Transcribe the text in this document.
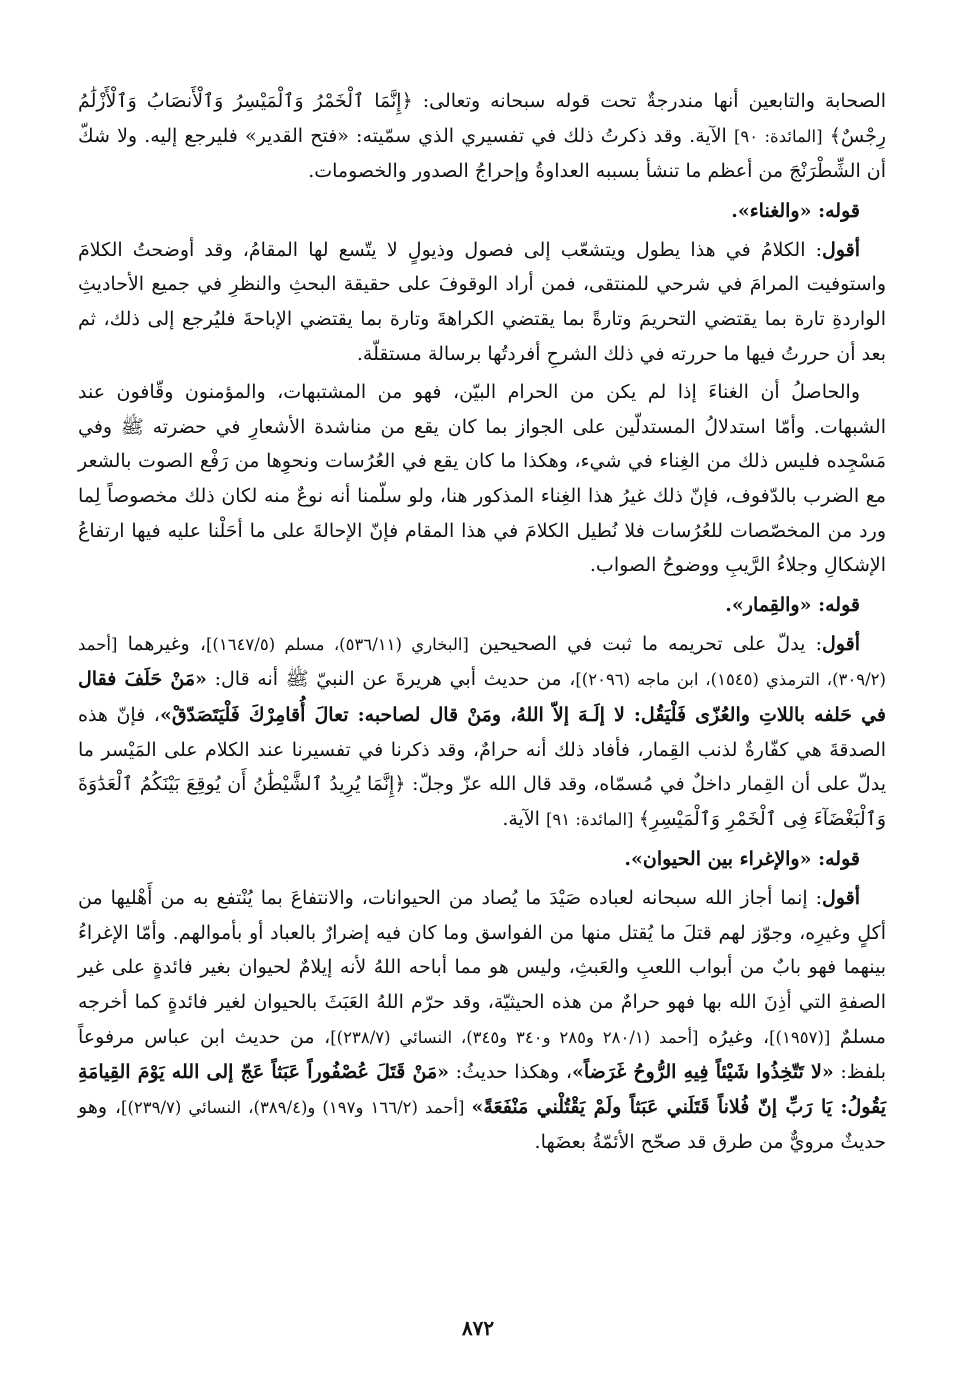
الصحابة والتابعين أنها مندرجةٌ تحت قوله سبحانه وتعالى: ﴿إِنَّمَا ٱلْخَمْرُ وَٱلْمَيْسِرُ وَٱلْأَنصَابُ وَٱلْأَزْلَٰمُ رِجْسٌ﴾ [المائدة: ٩٠] الآية. وقد ذكرتُ ذلك في تفسيري الذي سمّيته: «فتح القدير» فليرجع إليه. ولا شكّ أن الشِّطْرَنْجَ من أعظم ما تنشأ بسببه العداوةُ وإحراجُ الصدور والخصومات.

قوله: «والغناء».

أقول: الكلامُ في هذا يطول ويتشعّب إلى فصول وذيولٍ لا يتّسع لها المقامُ، وقد أوضحتُ الكلامَ واستوفيت المرامَ في شرحي للمنتقى، فمن أراد الوقوفَ على حقيقة البحثِ والنظرِ في جميع الأحاديثِ الواردةِ تارة بما يقتضي التحريمَ وتارةً بما يقتضي الكراهةَ وتارة بما يقتضي الإباحةَ فليُرجع إلى ذلك، ثم بعد أن حررتُ فيها ما حررته في ذلك الشرحِ أفردتُها برسالة مستقلّة.

والحاصلُ أن الغناءَ إذا لم يكن من الحرام البيّن، فهو من المشتبهات، والمؤمنون وقّافون عند الشبهات. وأمّا استدلالُ المستدلّين على الجواز بما كان يقع من مناشدة الأشعارِ في حضرته ﷺ وفي مَسْجِده فليس ذلك من الغِناء في شيء، وهكذا ما كان يقع في العُرُسات ونحوِها من رَفْع الصوت بالشعر مع الضرب بالدّفوف، فإنّ ذلك غيرُ هذا الغِناء المذكور هنا، ولو سلّمنا أنه نوعٌ منه لكان ذلك مخصوصاً لِما ورد من المخصّصات للعُرُسات فلا نُطيل الكلامَ في هذا المقام فإنّ الإحالةَ على ما أحَلْنا عليه فيها ارتفاعُ الإشكالِ وجلاءُ الرَّيبِ ووضوحُ الصواب.

قوله: «والقِمار».

أقول: يدلّ على تحريمه ما ثبت في الصحيحين [البخاري (٥٣٦/١١)، مسلم (١٦٤٧/٥)]، وغيرهما [أحمد (٣٠٩/٢)، الترمذي (١٥٤٥)، ابن ماجه (٢٠٩٦)]، من حديث أبي هريرةَ عن النبيّ ﷺ أنه قال: «مَنْ حَلَفَ فقال في حَلفه باللاتِ والعُزّى فَلْيَقُل: لا إلَـهَ إلاّ اللهُ، ومَنْ قال لصاحبه: تعالَ أُقامِرْكَ فَلْيَتَصَدّقْ»، فإنّ هذه الصدقةَ هي كفّارةٌ لذنب القِمار، فأفاد ذلك أنه حرامٌ، وقد ذكرنا في تفسيرنا عند الكلام على المَيْسر ما يدلّ على أن القِمار داخلٌ في مُسمّاه، وقد قال الله عزّ وجلّ: ﴿إِنَّمَا يُرِيدُ ٱلشَّيْطَٰنُ أَن يُوقِعَ بَيْنَكُمُ ٱلْعَدَٰوَةَ وَٱلْبَغْضَآءَ فِى ٱلْخَمْرِ وَٱلْمَيْسِرِ﴾ [المائدة: ٩١] الآية.

قوله: «والإغراء بين الحيوان».

أقول: إنما أجاز الله سبحانه لعباده صَيْدَ ما يُصاد من الحيوانات، والانتفاعَ بما يُنْتفع به من أَهْليها من أكلٍ وغيرِه، وجوّز لهم قتلَ ما يُقتل منها من الفواسق وما كان فيه إضرارٌ بالعباد أو بأموالهم. وأمّا الإغراءُ بينهما فهو بابٌ من أبواب اللعبِ والعَبثِ، وليس هو مما أباحه اللهُ لأنه إيلامٌ لحيوان بغير فائدةٍ على غير الصفةِ التي أذِنَ الله بها فهو حرامٌ من هذه الحيثيّة، وقد حرّم اللهُ العَبَثَ بالحيوان لغير فائدةٍ كما أخرجه مسلمٌ [(١٩٥٧)]، وغيرُه [أحمد (٢٨٠/١ و٢٨٥ و٣٤٠ و٣٤٥)، النسائي (٢٣٨/٧)]، من حديث ابن عباس مرفوعاً بلفظ: «لا تَتّخِذُوا شَيْئاً فِيهِ الرُّوحُ غَرَضاً»، وهكذا حديثُ: «مَنْ قَتَلَ عُصْفُوراً عَبَثاً عَجّ إلى الله يَوْمَ القِيامَةِ يَقُولُ: يَا رَبِّ إنّ فُلاناً قَتَلَني عَبَثاً ولَمْ يَقْتُلْني مَنْفَعَةً» [أحمد (١٦٦/٢ و١٩٧) و(٣٨٩/٤)، النسائي (٢٣٩/٧)]، وهو حديثٌ مرويٌّ من طرق قد صحّح الأئمّةُ بعضَها.

٨٧٢
